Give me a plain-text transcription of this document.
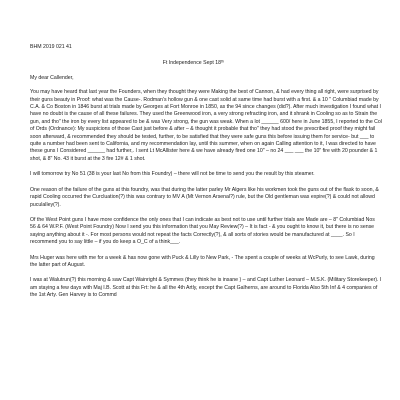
BHM 2019 021 41
Ft Independence Sept 18th
My dear Callender,

You may have heard that last year the Founders, when they thought they were Making the best of Cannon, & had every thing all right, were surprised by their guns beauty in Proof: what was the Cause-. Rodman’s hollow gun & one cast solid at same time had burst with a first. & a 10 " Columbiad made by C.A. & Co Boston in 1846 burst at trials made by Georges at Fort Monroe in 1850, as the 94 since changes (did?). After much investigation I found what I have no doubt is the cause of all these failures. They used the Greenwood iron, a very strong refracting iron, and it shrank in Cooling so as to Strain the gun, and tho" the iron by every list appeared to be & was Very strong, the gun was weak. When a lot ______ 600/ here in June 1855, I reported to the Col of Ords (Ordnance): My suspicions of those Cast just before & after – & thought it probable that tho" they had stood the prescribed proof they might fail soon afterward, & recommended they should be tested, further, to be satisfied that they were safe guns this before issuing them for service- but ___ to quite a number had been sent to California, and my recommendation lay, until this summer, when on again Calling attention to it, I was directed to have these guns I Considered ______ had further,. I sent Lt McAllister here & we have already fired one 10" – no 24 ___ ___ the 10" fire with 20 pounder & 1 shot, & 8" No. 43 it burst at the 3 fire 12# & 1 shot.

I will tomorrow try No 51 (38 is your last No from this Foundry) – there will not be time to send you the result by this steamer.

One reason of the failure of the guns at this foundry, was that during the latter parley Mr Algers like his workmen took the guns out of the flask to soon, & rapid Cooling occurred the Curcluation(?) this was contrary to MV A (Mt Vernon Arsenal?) rule, but the Old gentleman was expire(?) & could not allowd puculalley(?).

Of the West Point guns I have more confidence the only ones that I can indicate as best not to use until further trials are Made are – 8" Columbiad Nos 56 & 64 W.P.F. (West Point Foundry) Now I send you this information that you May Review(?) – It is fact - & you ought to know it, but there is no sense saying anything about it -. For most persons would not repeat the facts Correctly(?), & all sorts of stories would be manufactured at ____. So I recommend you to say little – if you do keep a O_C of a think___.

Mrs Huger was here with me for a week & has now gone with Puck & Lilly to New Park, - The spent a couple of weeks at WcPurly, to see Lawk, during the latter part of August.

I was at Walutrun(?) this morning & saw Capt Wainright & Symmes (they think he is insane ) – and Capt Luther Leonard – M.S.K. (Military Storekeeper). I am staying a few days with Maj I.B. Scott at this Frt: he & all the 4th Artly, except the Capt Galherns, are around to Florida Also 5th Inf & 4 companies of the 1st Arty. Gen Harvey is to Commd
